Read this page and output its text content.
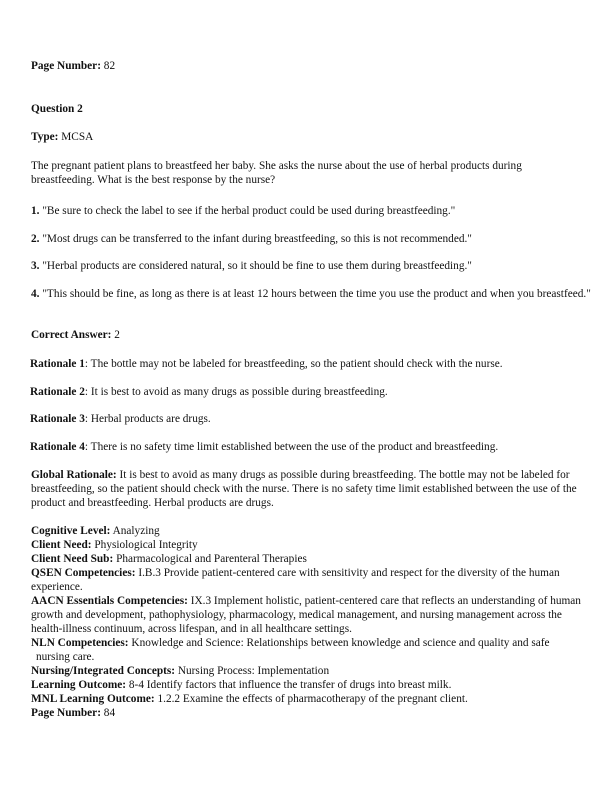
Page Number: 82

Question 2

Type: MCSA

The pregnant patient plans to breastfeed her baby. She asks the nurse about the use of herbal products during breastfeeding. What is the best response by the nurse?

1. "Be sure to check the label to see if the herbal product could be used during breastfeeding."

2. "Most drugs can be transferred to the infant during breastfeeding, so this is not recommended."

3. "Herbal products are considered natural, so it should be fine to use them during breastfeeding."

4. "This should be fine, as long as there is at least 12 hours between the time you use the product and when you breastfeed."

Correct Answer: 2

Rationale 1: The bottle may not be labeled for breastfeeding, so the patient should check with the nurse.

Rationale 2: It is best to avoid as many drugs as possible during breastfeeding.

Rationale 3: Herbal products are drugs.

Rationale 4: There is no safety time limit established between the use of the product and breastfeeding.

Global Rationale: It is best to avoid as many drugs as possible during breastfeeding. The bottle may not be labeled for breastfeeding, so the patient should check with the nurse. There is no safety time limit established between the use of the product and breastfeeding. Herbal products are drugs.

Cognitive Level: Analyzing
Client Need: Physiological Integrity
Client Need Sub: Pharmacological and Parenteral Therapies
QSEN Competencies: I.B.3 Provide patient-centered care with sensitivity and respect for the diversity of the human experience.
AACN Essentials Competencies: IX.3 Implement holistic, patient-centered care that reflects an understanding of human growth and development, pathophysiology, pharmacology, medical management, and nursing management across the health-illness continuum, across lifespan, and in all healthcare settings.
NLN Competencies: Knowledge and Science: Relationships between knowledge and science and quality and safe nursing care.
Nursing/Integrated Concepts: Nursing Process: Implementation
Learning Outcome: 8-4 Identify factors that influence the transfer of drugs into breast milk.
MNL Learning Outcome: 1.2.2 Examine the effects of pharmacotherapy of the pregnant client.
Page Number: 84
